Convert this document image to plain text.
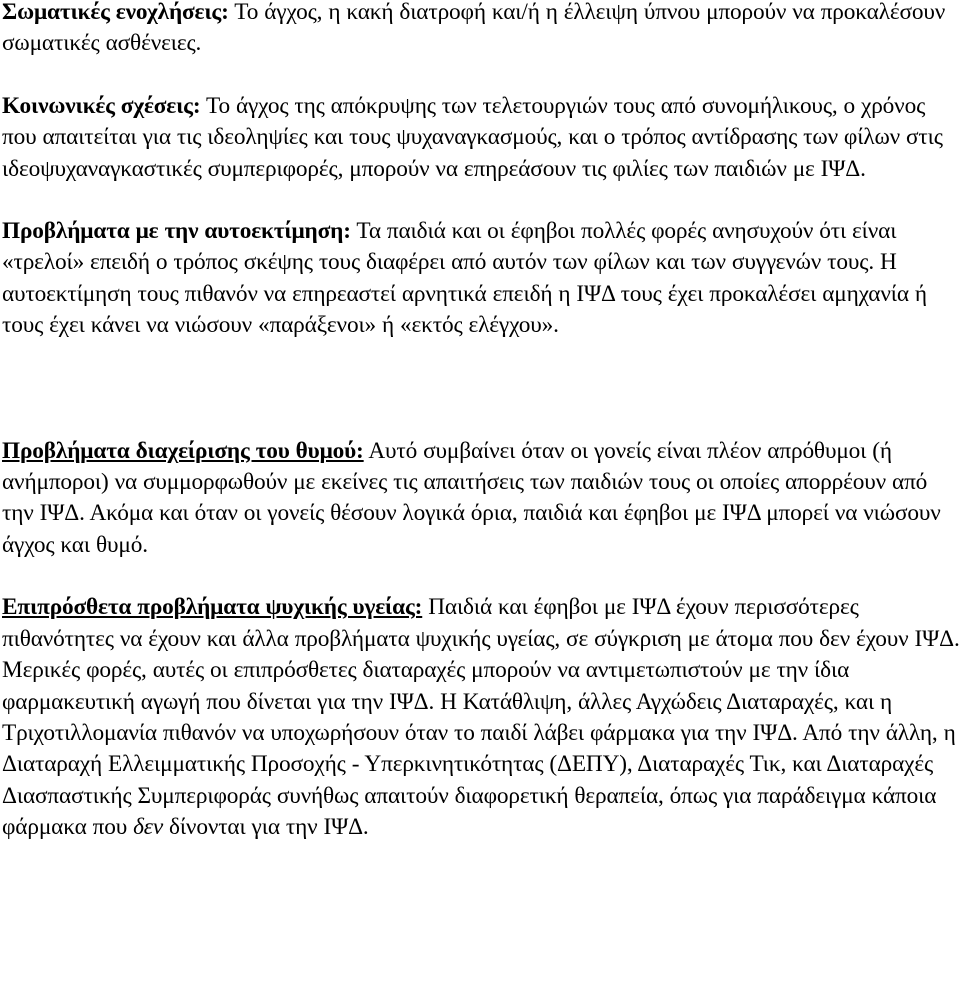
Σωματικές ενοχλήσεις: Το άγχος, η κακή διατροφή και/ή η έλλειψη ύπνου μπορούν να προκαλέσουν σωματικές ασθένειες.

Κοινωνικές σχέσεις: Το άγχος της απόκρυψης των τελετουργιών τους από συνομήλικους, ο χρόνος που απαιτείται για τις ιδεοληψίες και τους ψυχαναγκασμούς, και ο τρόπος αντίδρασης των φίλων στις ιδεοψυχαναγκαστικές συμπεριφορές, μπορούν να επηρεάσουν τις φιλίες των παιδιών με ΙΨΔ.

Προβλήματα με την αυτοεκτίμηση: Τα παιδιά και οι έφηβοι πολλές φορές ανησυχούν ότι είναι «τρελοί» επειδή ο τρόπος σκέψης τους διαφέρει από αυτόν των φίλων και των συγγενών τους. Η αυτοεκτίμηση τους πιθανόν να επηρεαστεί αρνητικά επειδή η ΙΨΔ τους έχει προκαλέσει αμηχανία ή τους έχει κάνει να νιώσουν «παράξενοι» ή «εκτός ελέγχου».

Προβλήματα διαχείρισης του θυμού: Αυτό συμβαίνει όταν οι γονείς είναι πλέον απρόθυμοι (ή ανήμποροι) να συμμορφωθούν με εκείνες τις απαιτήσεις των παιδιών τους οι οποίες απορρέουν από την ΙΨΔ. Ακόμα και όταν οι γονείς θέσουν λογικά όρια, παιδιά και έφηβοι με ΙΨΔ μπορεί να νιώσουν άγχος και θυμό.

Επιπρόσθετα προβλήματα ψυχικής υγείας: Παιδιά και έφηβοι με ΙΨΔ έχουν περισσότερες πιθανότητες να έχουν και άλλα προβλήματα ψυχικής υγείας, σε σύγκριση με άτομα που δεν έχουν ΙΨΔ. Μερικές φορές, αυτές οι επιπρόσθετες διαταραχές μπορούν να αντιμετωπιστούν με την ίδια φαρμακευτική αγωγή που δίνεται για την ΙΨΔ. Η Κατάθλιψη, άλλες Αγχώδεις Διαταραχές, και η Τριχοτιλλομανία πιθανόν να υποχωρήσουν όταν το παιδί λάβει φάρμακα για την ΙΨΔ. Από την άλλη, η Διαταραχή Ελλειμματικής Προσοχής - Υπερκινητικότητας (ΔΕΠΥ), Διαταραχές Τικ, και Διαταραχές Διασπαστικής Συμπεριφοράς συνήθως απαιτούν διαφορετική θεραπεία, όπως για παράδειγμα κάποια φάρμακα που δεν δίνονται για την ΙΨΔ.
